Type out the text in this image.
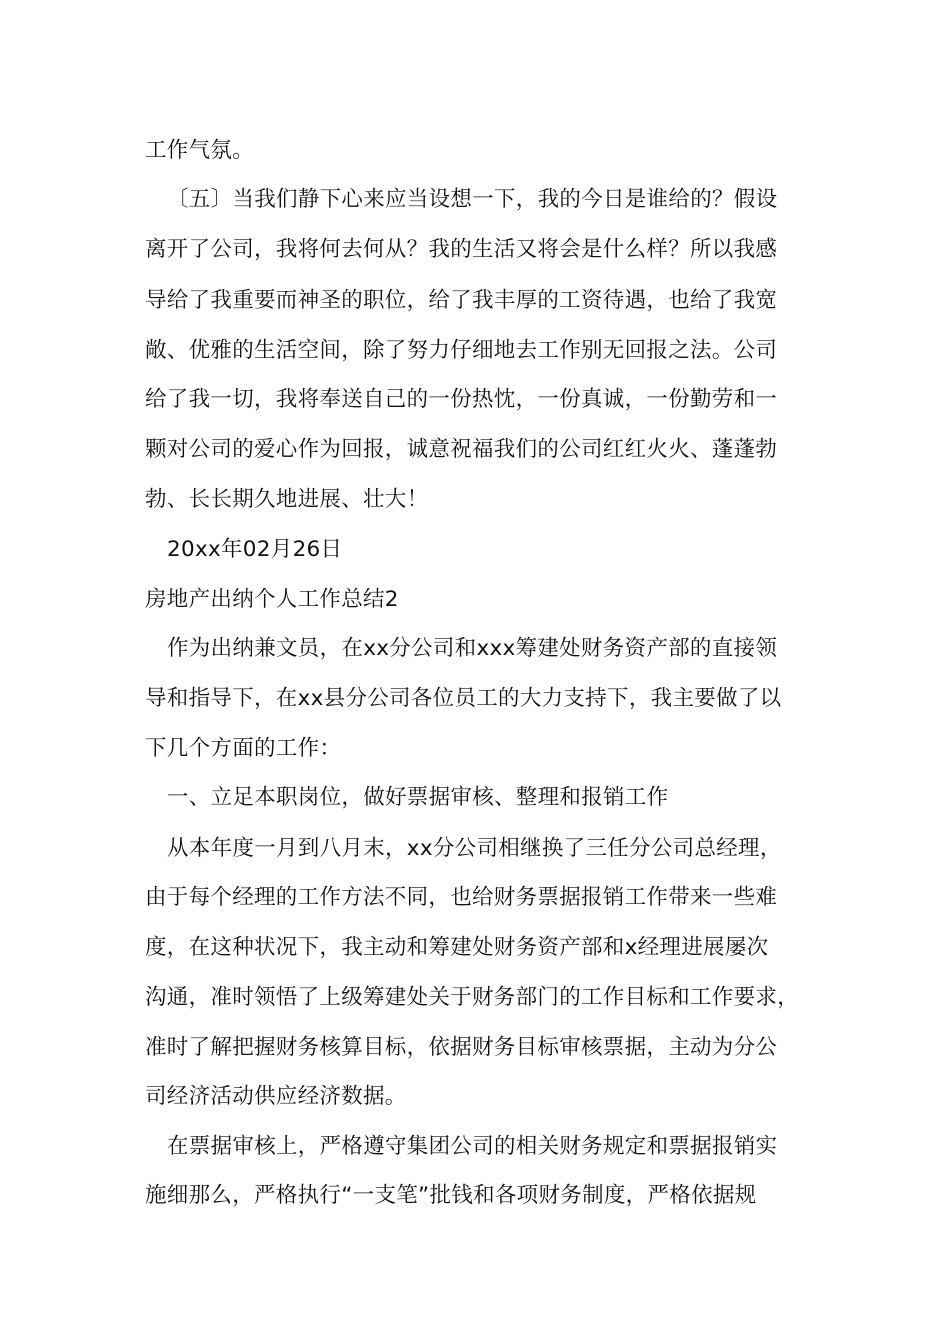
工作气氛。
〔五〕当我们静下心来应当设想一下，我的今日是谁给的？假设
离开了公司，我将何去何从？我的生活又将会是什么样？所以我感
导给了我重要而神圣的职位，给了我丰厚的工资待遇，也给了我宽
敞、优雅的生活空间，除了努力仔细地去工作别无回报之法。公司
给了我一切，我将奉送自己的一份热忱，一份真诚，一份勤劳和一
颗对公司的爱心作为回报，诚意祝福我们的公司红红火火、蓬蓬勃
勃、长长期久地进展、壮大！
20xx年02月26日
房地产出纳个人工作总结2
作为出纳兼文员，在xx分公司和xxx筹建处财务资产部的直接领
导和指导下，在xx县分公司各位员工的大力支持下，我主要做了以
下几个方面的工作：
一、立足本职岗位，做好票据审核、整理和报销工作
从本年度一月到八月末，xx分公司相继换了三任分公司总经理，
由于每个经理的工作方法不同，也给财务票据报销工作带来一些难
度，在这种状况下，我主动和筹建处财务资产部和x经理进展屡次
沟通，准时领悟了上级筹建处关于财务部门的工作目标和工作要求，
准时了解把握财务核算目标，依据财务目标审核票据，主动为分公
司经济活动供应经济数据。
在票据审核上，严格遵守集团公司的相关财务规定和票据报销实
施细那么，严格执行“一支笔”批钱和各项财务制度，严格依据规
